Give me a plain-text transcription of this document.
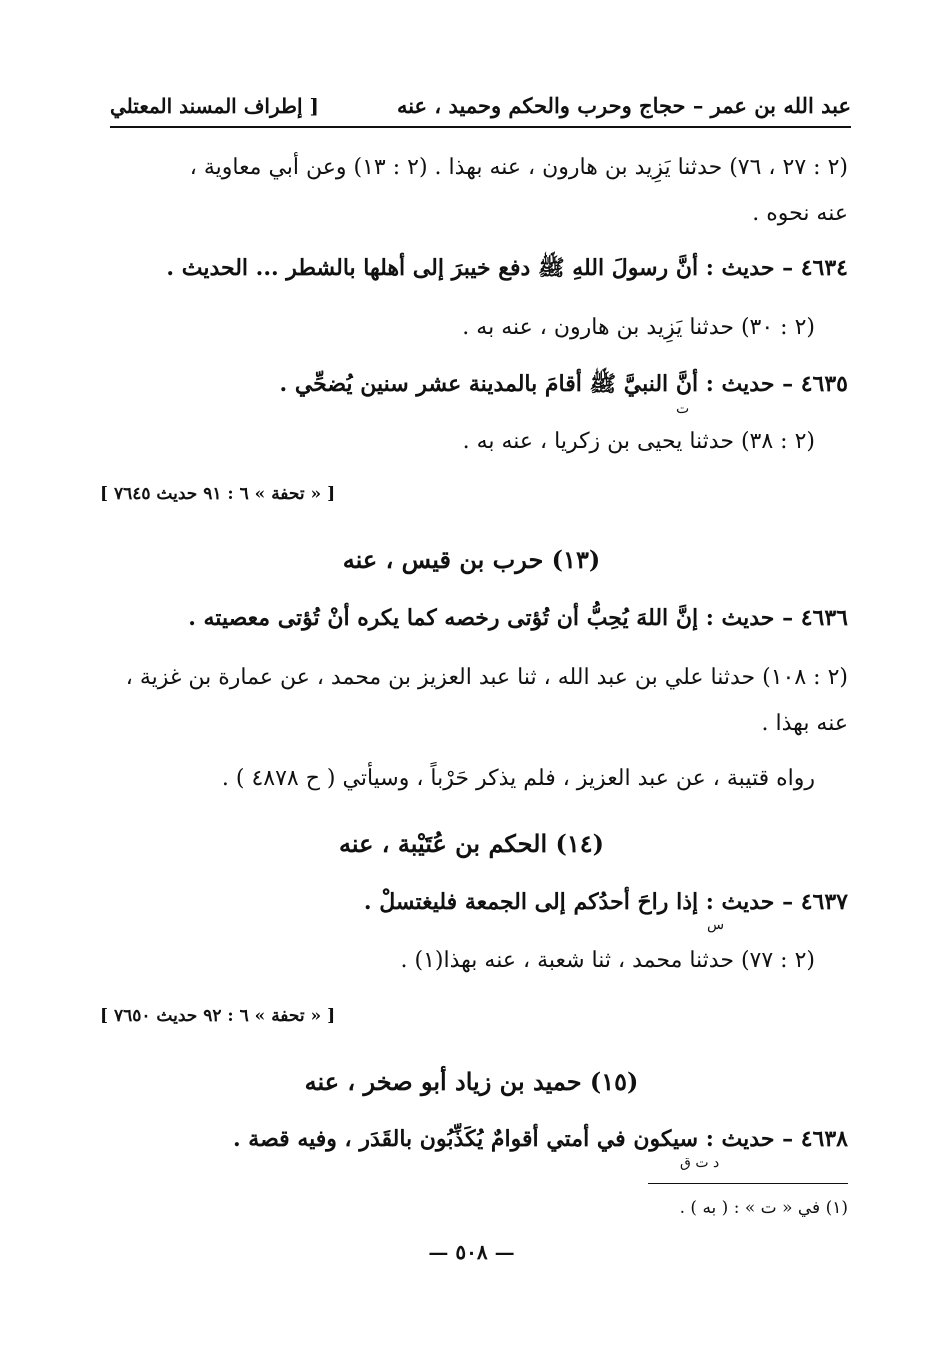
عبد الله بن عمر – حجاج وحرب والحكم وحميد ، عنه
[ إطراف المسند المعتلي
(٢ : ٢٧ ، ٧٦) حدثنا يَزِيد بن هارون ، عنه بهذا . (٢ : ١٣) وعن أبي معاوية ،
عنه نحوه .
٤٦٣٤ – حديث : أنَّ رسولَ اللهِ ﷺ دفع خيبرَ إلى أهلها بالشطر ... الحديث .
(٢ : ٣٠) حدثنا يَزِيد بن هارون ، عنه به .
٤٦٣٥ – حديث : أنَّ النبيَّ ﷺ أقامَ بالمدينة عشر سنين يُضحِّي .
ت
(٢ : ٣٨) حدثنا يحيى بن زكريا ، عنه به .
[ « تحفة » ٦ : ٩١ حديث ٧٦٤٥ ]
(١٣) حرب بن قيس ، عنه
٤٦٣٦ – حديث : إنَّ اللهَ يُحِبُّ أن تُؤتى رخصه كما يكره أنْ تُؤتى معصيته .
(٢ : ١٠٨) حدثنا علي بن عبد الله ، ثنا عبد العزيز بن محمد ، عن عمارة بن غزية ،
عنه بهذا .
رواه قتيبة ، عن عبد العزيز ، فلم يذكر حَرْباً ، وسيأتي ( ح ٤٨٧٨ ) .
(١٤) الحكم بن عُتَيْبة ، عنه
٤٦٣٧ – حديث : إذا راحَ أحدُكم إلى الجمعة فليغتسلْ .
س
(٢ : ٧٧) حدثنا محمد ، ثنا شعبة ، عنه بهذا(١) .
[ « تحفة » ٦ : ٩٢ حديث ٧٦٥٠ ]
(١٥) حميد بن زياد أبو صخر ، عنه
٤٦٣٨ – حديث : سيكون في أمتي أقوامٌ يُكَذِّبُون بالقَدَر ، وفيه قصة .
د ت ق
(١) في « ت » : ( به ) .
— ٥٠٨ —
